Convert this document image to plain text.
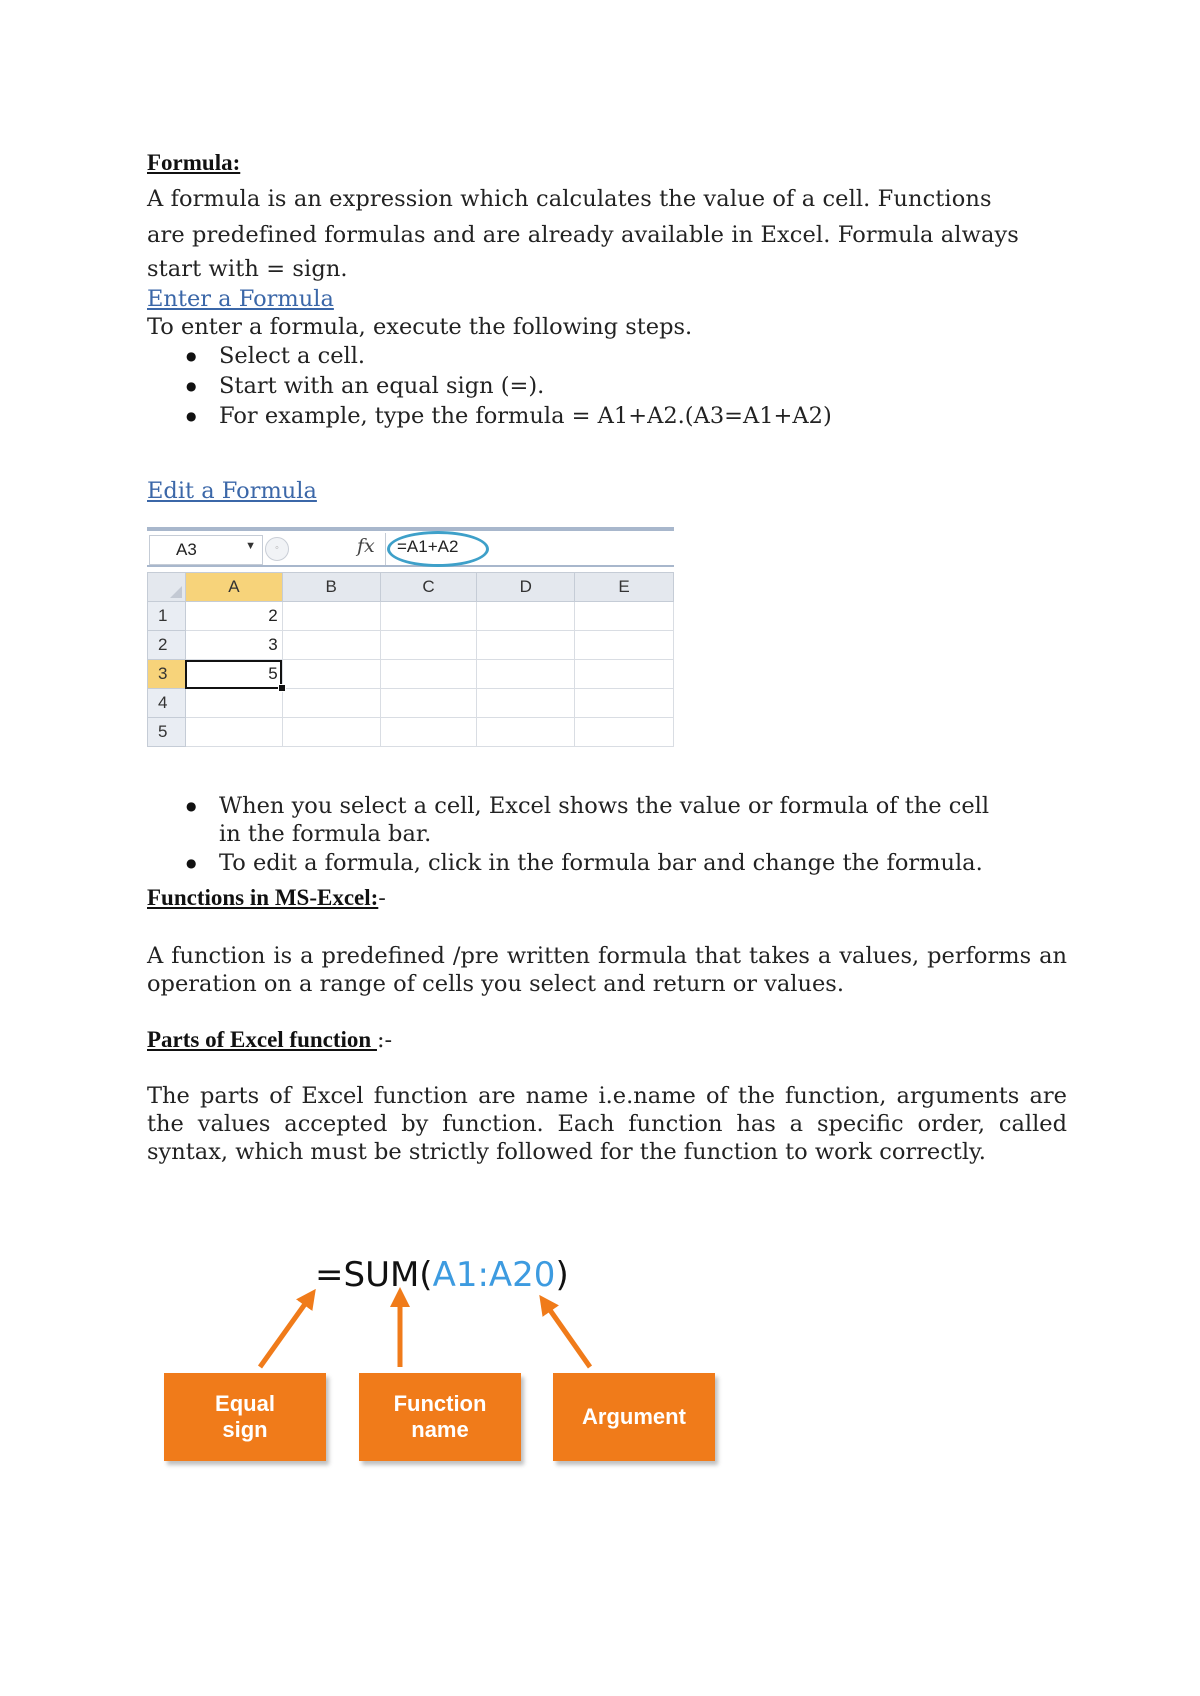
Formula:

A formula is an expression which calculates the value of a cell. Functions

are predefined formulas and are already available in Excel. Formula always

start with = sign.

Enter a Formula

To enter a formula, execute the following steps.

● Select a cell.
● Start with an equal sign (=).
● For example, type the formula = A1+A2.(A3=A1+A2)
Edit a Formula
A3	▼	◦	fx =A1+A2
	A	B	C	D	E
1	2				
2	3				
3	5				
4					
5					
● When you select a cell, Excel shows the value or formula of the cell
in the formula bar.
● To edit a formula, click in the formula bar and change the formula.
Functions in MS-Excel:-

A function is a predefined /pre written formula that takes a values, performs an operation on a range of cells you select and return or values.

Parts of Excel function :-

The parts of Excel function are name i.e.name of the function, arguments are the values accepted by function. Each function has a specific order, called syntax, which must be strictly followed for the function to work correctly.

=SUM(A1:A20)
Equal
sign
Function
name
Argument
